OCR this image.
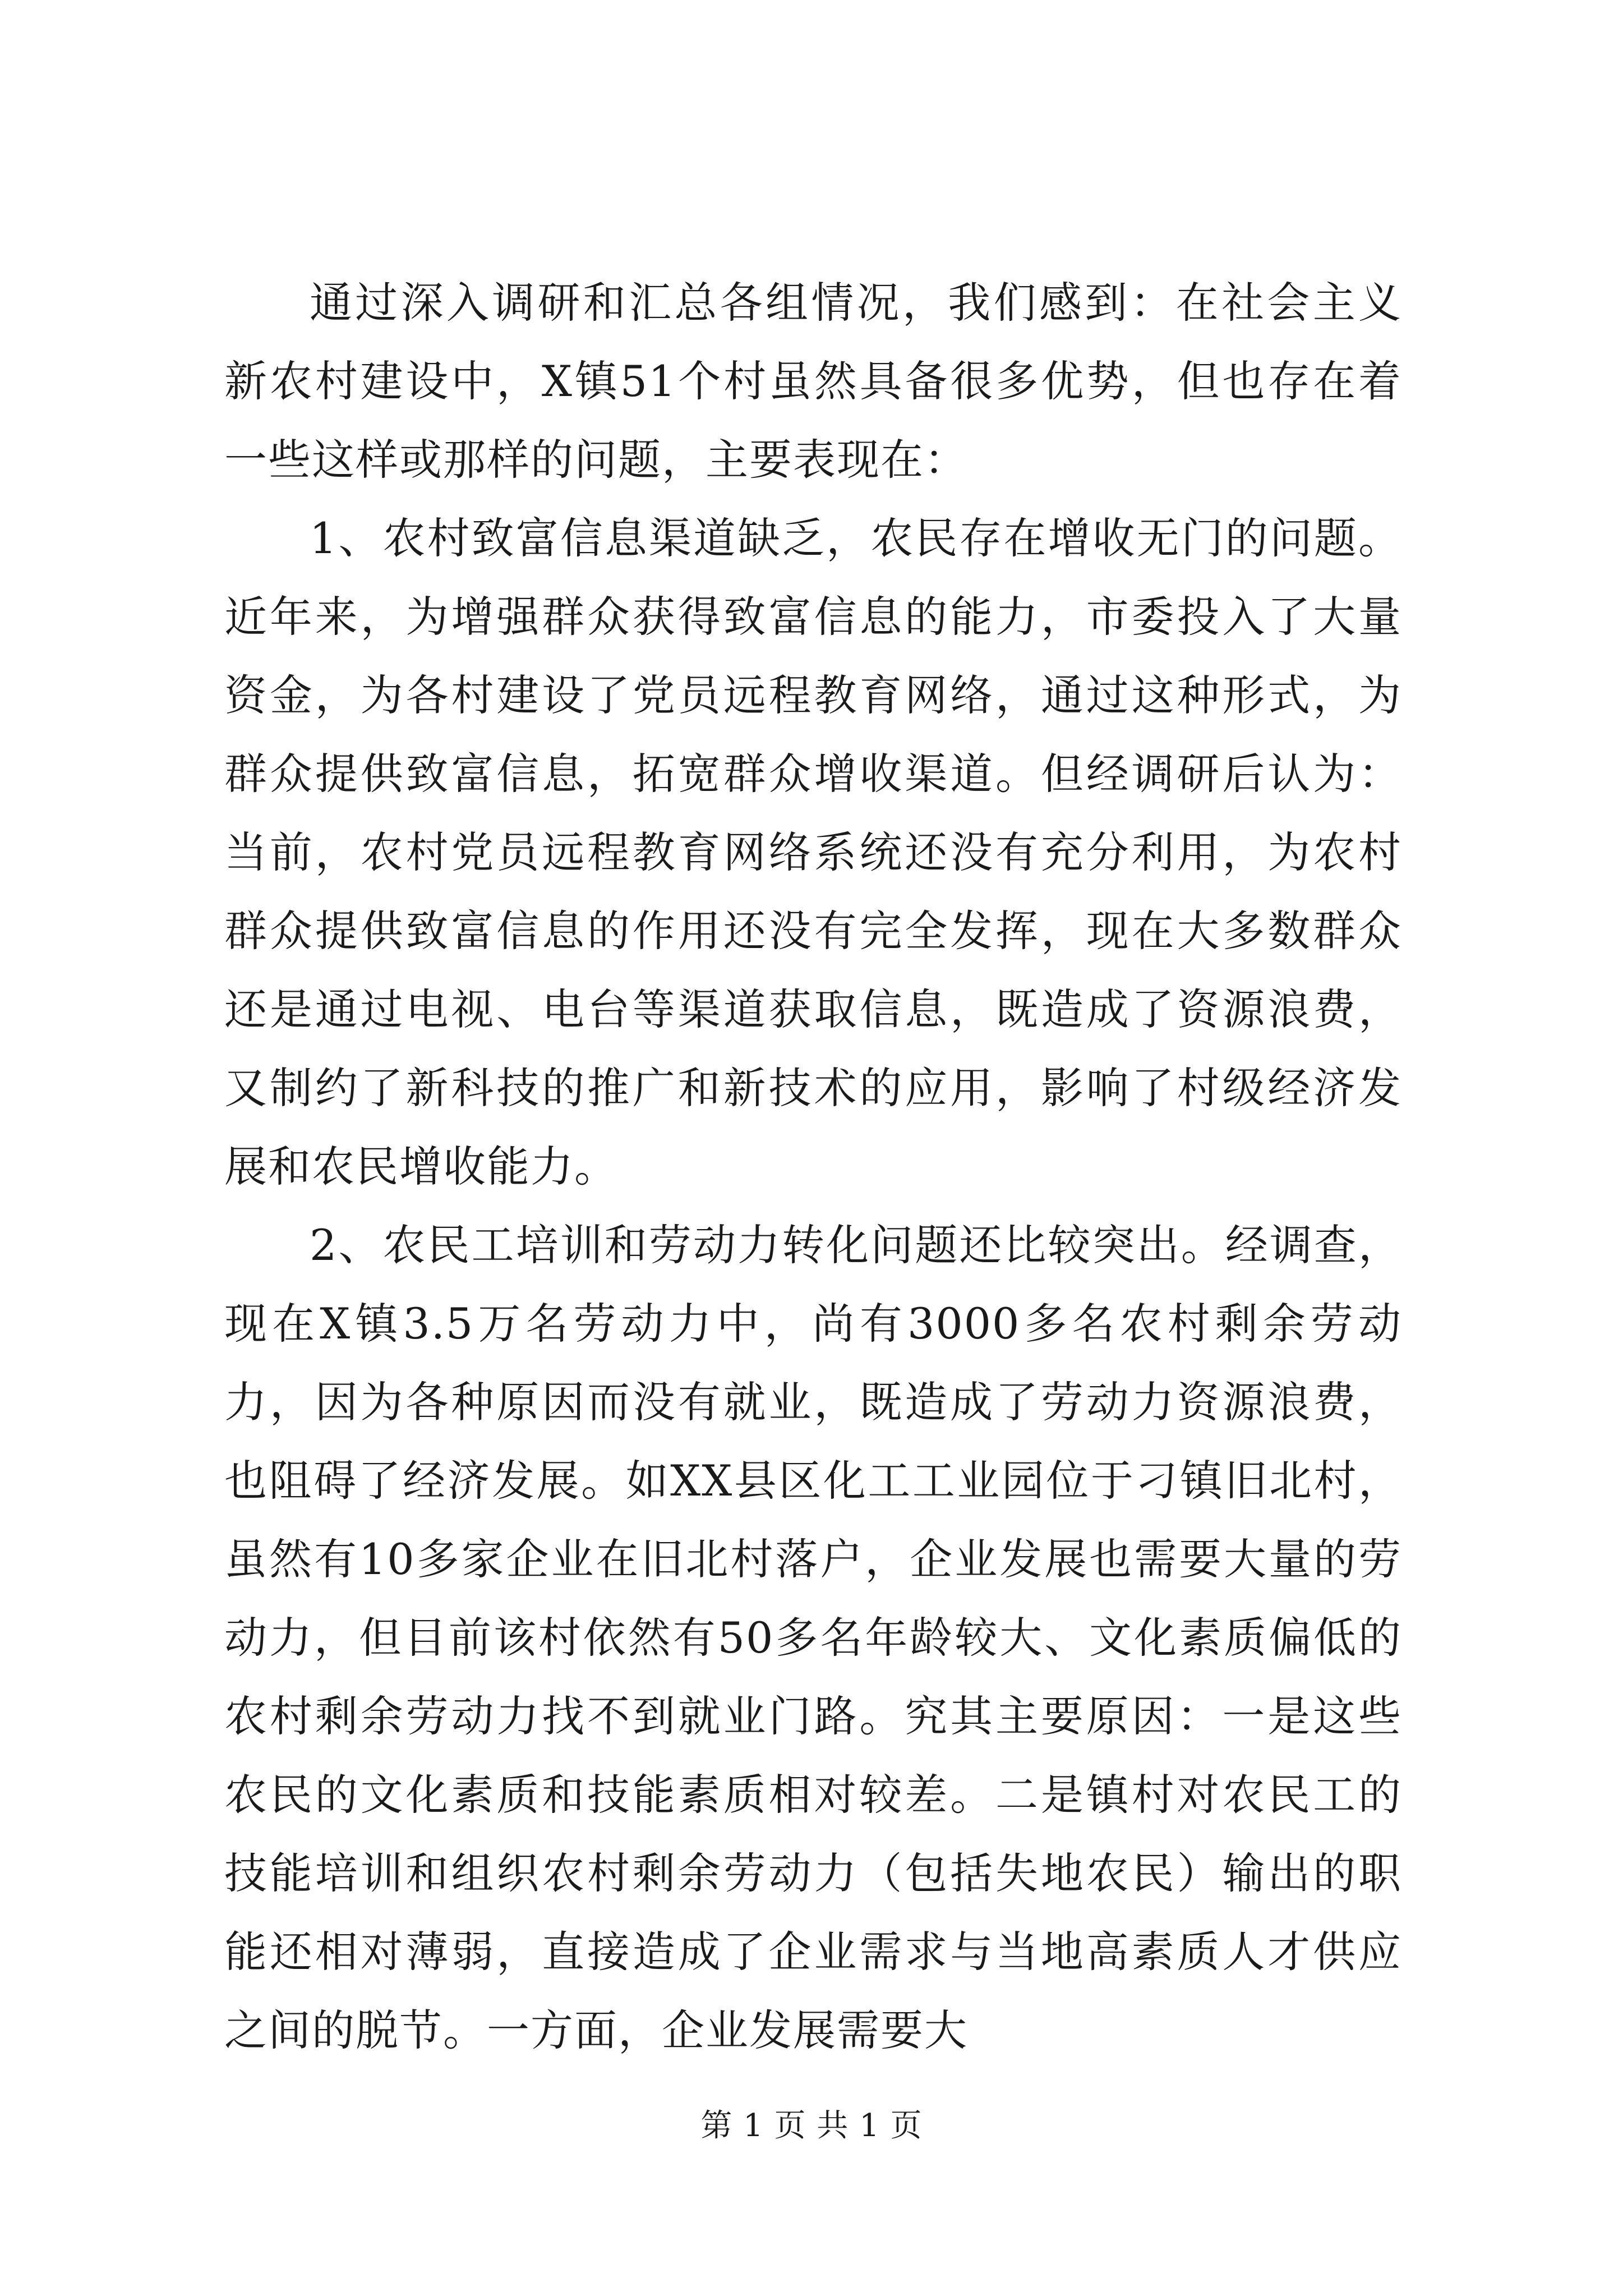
通过深入调研和汇总各组情况，我们感到：在社会主义新农村建设中，X镇51个村虽然具备很多优势，但也存在着一些这样或那样的问题，主要表现在：

1、农村致富信息渠道缺乏，农民存在增收无门的问题。近年来，为增强群众获得致富信息的能力，市委投入了大量资金，为各村建设了党员远程教育网络，通过这种形式，为群众提供致富信息，拓宽群众增收渠道。但经调研后认为：当前，农村党员远程教育网络系统还没有充分利用，为农村群众提供致富信息的作用还没有完全发挥，现在大多数群众还是通过电视、电台等渠道获取信息，既造成了资源浪费，又制约了新科技的推广和新技术的应用，影响了村级经济发展和农民增收能力。

2、农民工培训和劳动力转化问题还比较突出。经调查，现在X镇3.5万名劳动力中，尚有3000多名农村剩余劳动力，因为各种原因而没有就业，既造成了劳动力资源浪费，也阻碍了经济发展。如XX县区化工工业园位于刁镇旧北村，虽然有10多家企业在旧北村落户，企业发展也需要大量的劳动力，但目前该村依然有50多名年龄较大、文化素质偏低的农村剩余劳动力找不到就业门路。究其主要原因：一是这些农民的文化素质和技能素质相对较差。二是镇村对农民工的技能培训和组织农村剩余劳动力（包括失地农民）输出的职能还相对薄弱，直接造成了企业需求与当地高素质人才供应之间的脱节。一方面，企业发展需要大

第 1 页 共 1 页
